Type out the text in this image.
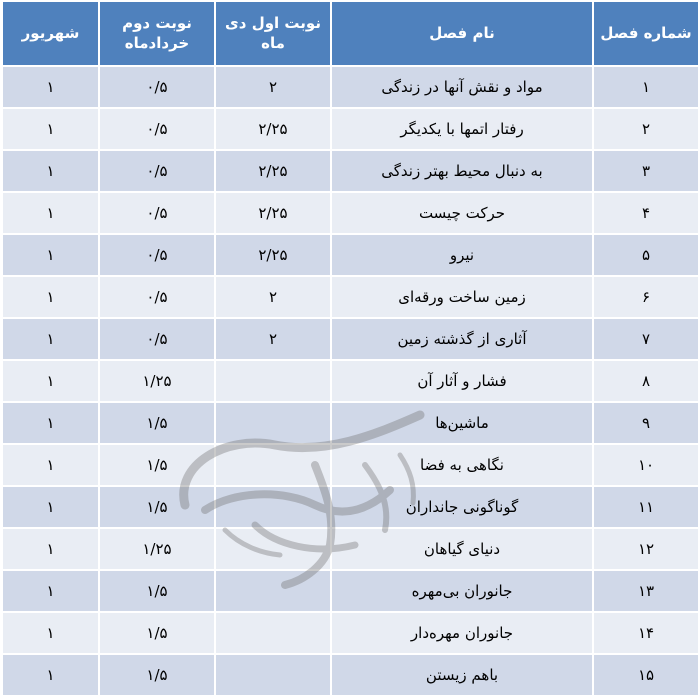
شماره فصل	نام فصل	نوبت اول دی ماه	نوبت دوم خردادماه	شهریور
۱	مواد و نقش آنها در زندگی	۲	۰/۵	۱
۲	رفتار اتمها با یکدیگر	۲/۲۵	۰/۵	۱
۳	به دنبال محیط بهتر زندگی	۲/۲۵	۰/۵	۱
۴	حرکت چیست	۲/۲۵	۰/۵	۱
۵	نیرو	۲/۲۵	۰/۵	۱
۶	زمین ساخت ورقه‌ای	۲	۰/۵	۱
۷	آثاری از گذشته زمین	۲	۰/۵	۱
۸	فشار و آثار آن		۱/۲۵	۱
۹	ماشین‌ها		۱/۵	۱
۱۰	نگاهی به فضا		۱/۵	۱
۱۱	گوناگونی جانداران		۱/۵	۱
۱۲	دنیای گیاهان		۱/۲۵	۱
۱۳	جانوران بی‌مهره		۱/۵	۱
۱۴	جانوران مهره‌دار		۱/۵	۱
۱۵	باهم زیستن		۱/۵	۱
